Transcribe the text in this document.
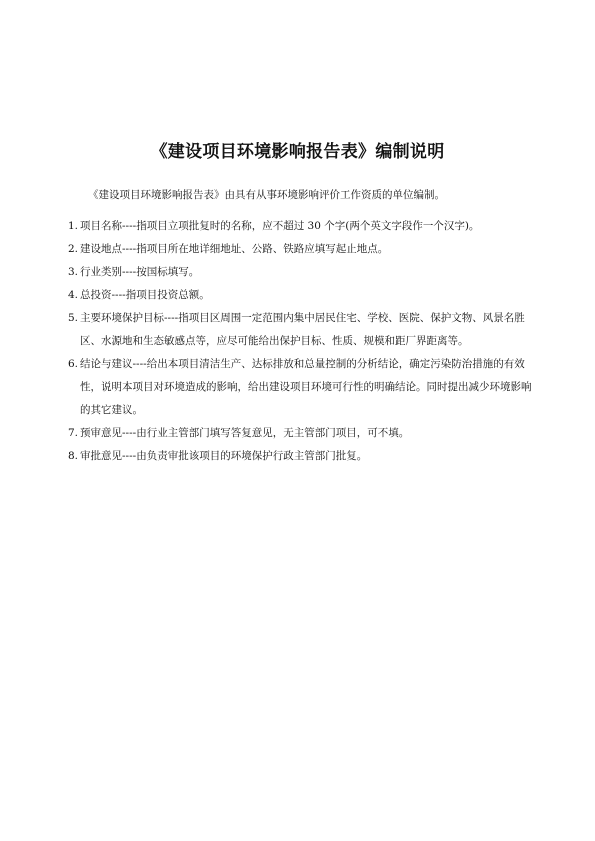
《建设项目环境影响报告表》编制说明
《建设项目环境影响报告表》由具有从事环境影响评价工作资质的单位编制。
1. 项目名称----指项目立项批复时的名称，应不超过 30 个字(两个英文字段作一个汉字)。
2. 建设地点----指项目所在地详细地址、公路、铁路应填写起止地点。
3. 行业类别----按国标填写。
4. 总投资----指项目投资总额。
5. 主要环境保护目标----指项目区周围一定范围内集中居民住宅、学校、医院、保护文物、风景名胜区、水源地和生态敏感点等，应尽可能给出保护目标、性质、规模和距厂界距离等。
6. 结论与建议----给出本项目清洁生产、达标排放和总量控制的分析结论，确定污染防治措施的有效性，说明本项目对环境造成的影响，给出建设项目环境可行性的明确结论。同时提出减少环境影响的其它建议。
7. 预审意见----由行业主管部门填写答复意见，无主管部门项目，可不填。
8. 审批意见----由负责审批该项目的环境保护行政主管部门批复。
